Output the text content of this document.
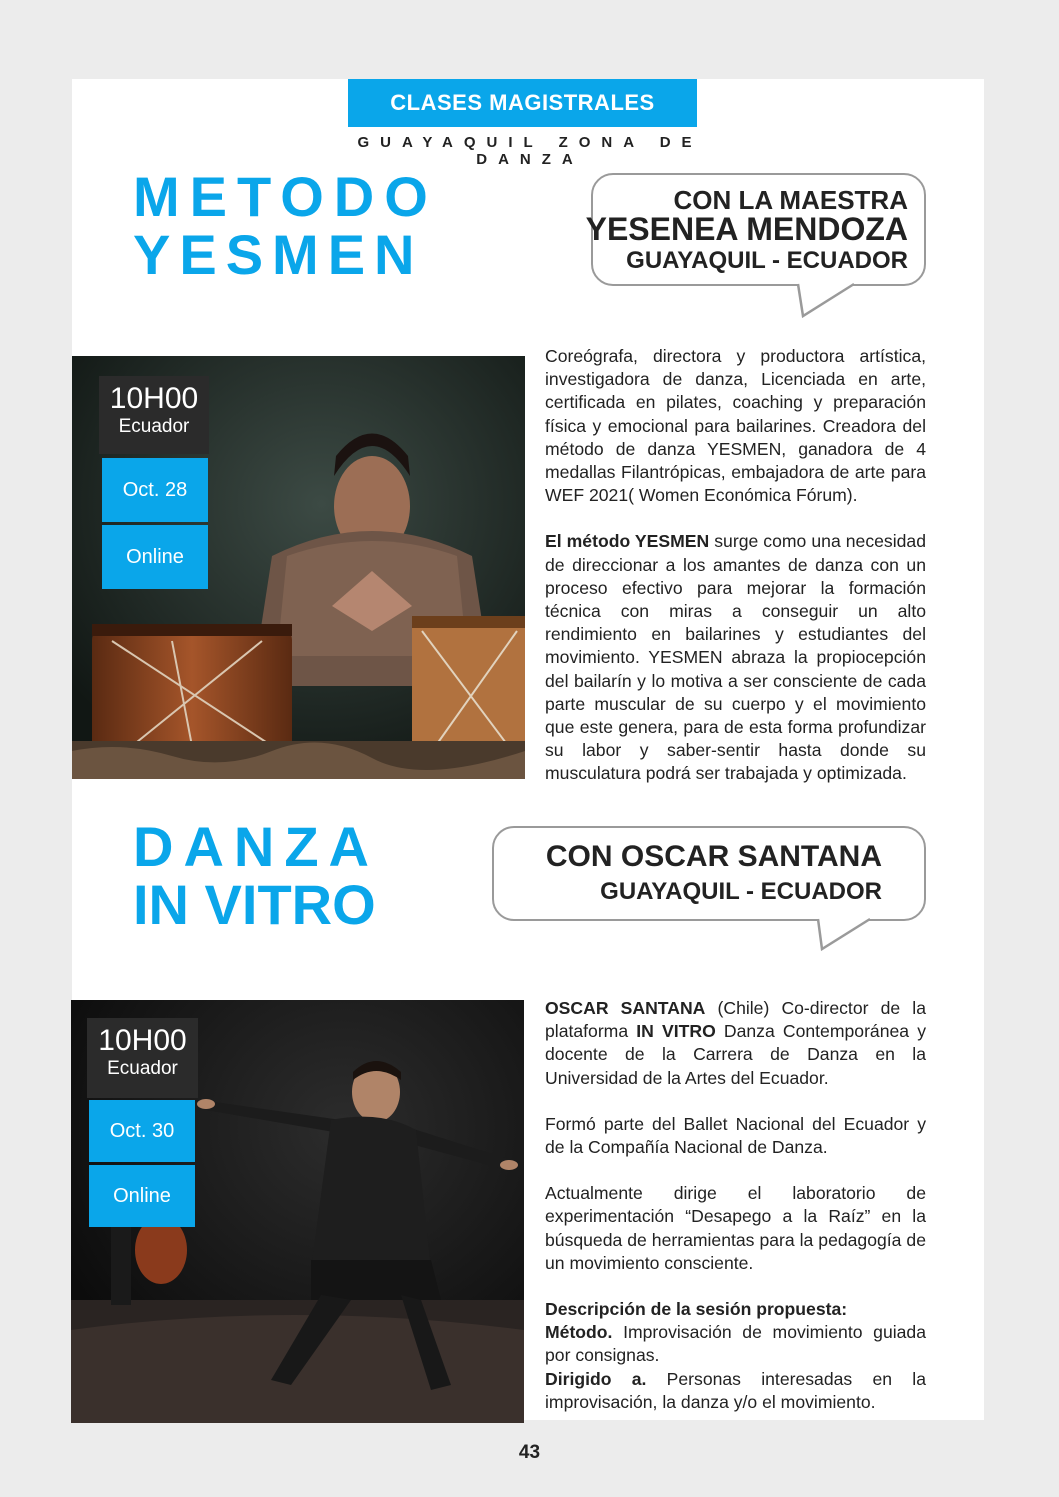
CLASES MAGISTRALES
GUAYAQUIL ZONA DE DANZA
METODO
YESMEN
CON LA MAESTRA
YESENEA MENDOZA
GUAYAQUIL - ECUADOR
10H00
Ecuador
Oct. 28
Online

Coreógrafa, directora y productora artística, investigadora de danza, Licenciada en arte, certificada en pilates, coaching y preparación física y emocional para bailarines. Creadora del método de danza YESMEN, ganadora de 4 medallas Filantrópicas, embajadora de arte para WEF 2021( Women Económica Fórum).

El método YESMEN surge como una necesidad de direccionar a los amantes de danza con un proceso efectivo para mejorar la formación técnica con miras a conseguir un alto rendimiento en bailarines y estudiantes del movimiento. YESMEN abraza la propiocepción del bailarín y lo motiva a ser consciente de cada parte muscular de su cuerpo y el movimiento que este genera, para de esta forma profundizar su labor y saber-sentir hasta donde su musculatura podrá ser trabajada y optimizada.

DANZA
IN VITRO
CON OSCAR SANTANA
GUAYAQUIL - ECUADOR
10H00
Ecuador
Oct. 30
Online

OSCAR SANTANA (Chile) Co-director de la plataforma IN VITRO Danza Contemporánea y docente de la Carrera de Danza en la Universidad de la Artes del Ecuador.

Formó parte del Ballet Nacional del Ecuador y de la Compañía Nacional de Danza.

Actualmente dirige el laboratorio de experimentación “Desapego a la Raíz” en la búsqueda de herramientas para la pedagogía de un movimiento consciente.

Descripción de la sesión propuesta:

Método. Improvisación de movimiento guiada por consignas.

Dirigido a. Personas interesadas en la improvisación, la danza y/o el movimiento.

43
